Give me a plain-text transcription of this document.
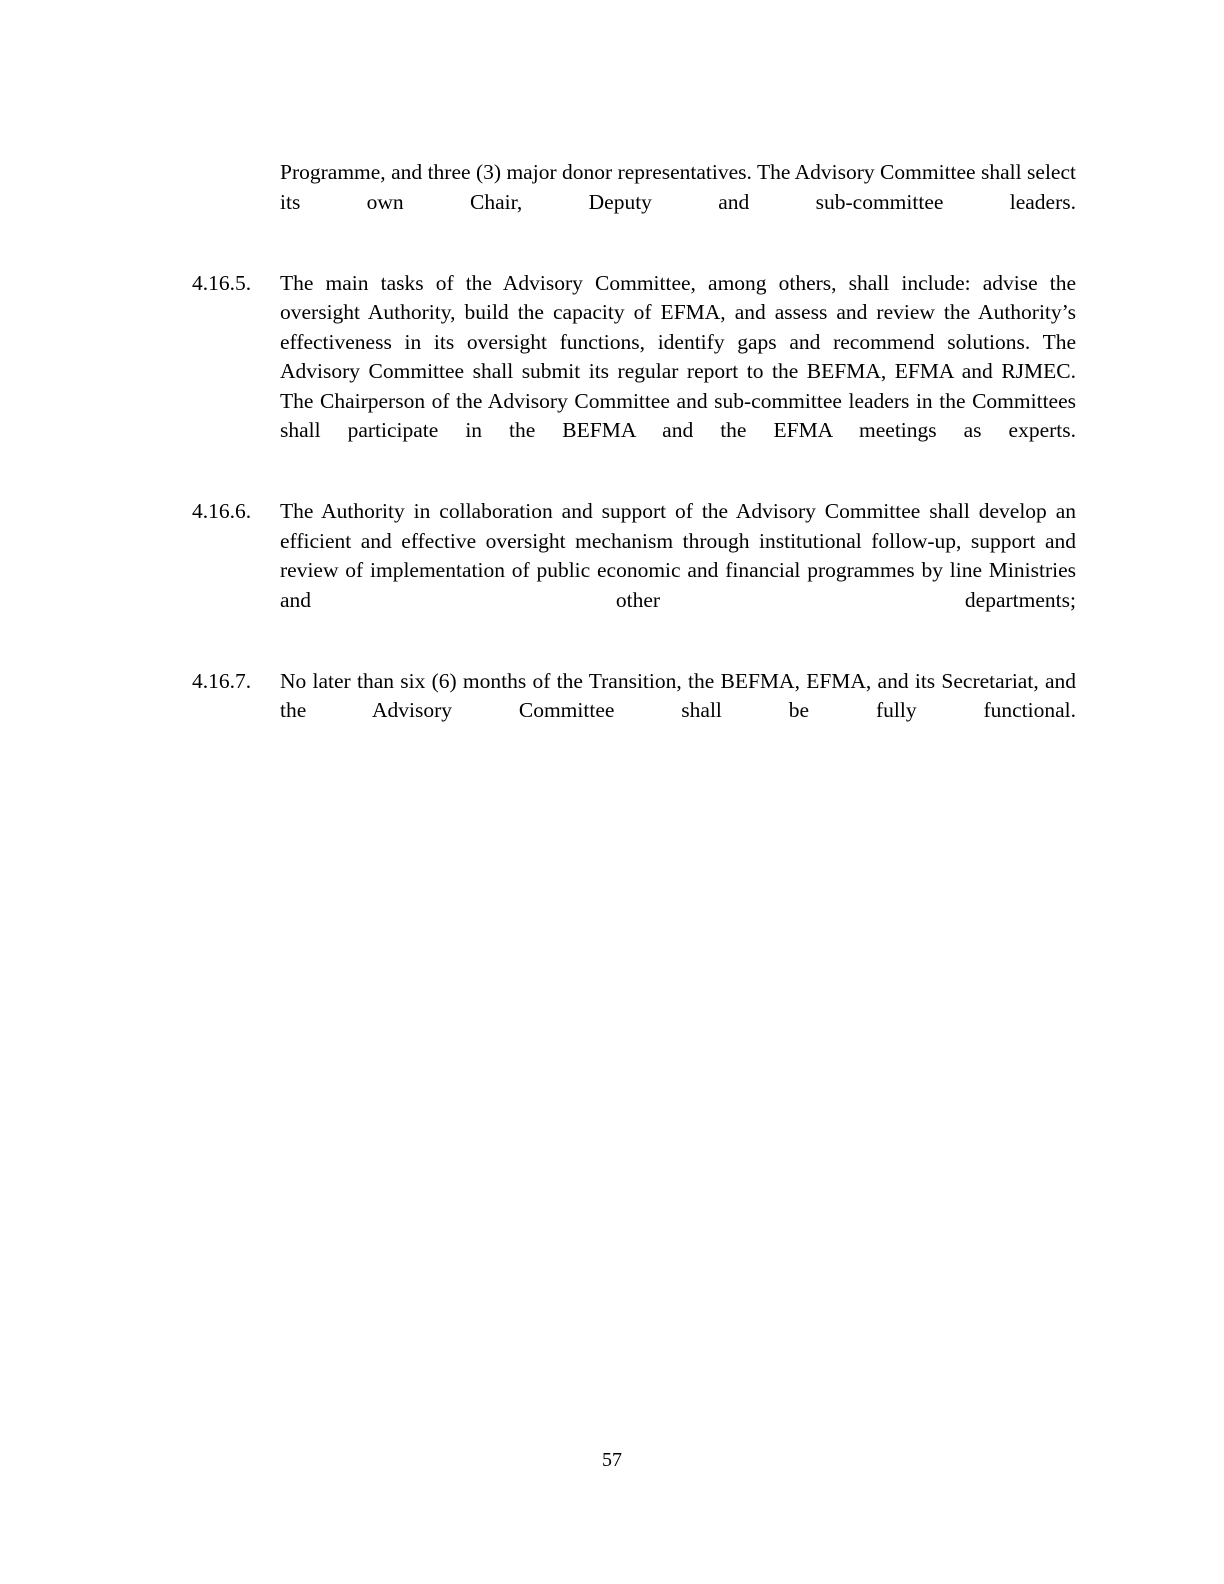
Programme, and three (3) major donor representatives. The Advisory Committee shall select its own Chair, Deputy and sub-committee leaders.

4.16.5.	The main tasks of the Advisory Committee, among others, shall include: advise the oversight Authority, build the capacity of EFMA, and assess and review the Authority’s effectiveness in its oversight functions, identify gaps and recommend solutions. The Advisory Committee shall submit its regular report to the BEFMA, EFMA and RJMEC. The Chairperson of the Advisory Committee and sub-committee leaders in the Committees shall participate in the BEFMA and the EFMA meetings as experts.
4.16.6.	The Authority in collaboration and support of the Advisory Committee shall develop an efficient and effective oversight mechanism through institutional follow-up, support and review of implementation of public economic and financial programmes by line Ministries and other departments;
4.16.7.	No later than six (6) months of the Transition, the BEFMA, EFMA, and its Secretariat, and the Advisory Committee shall be fully functional.
57
